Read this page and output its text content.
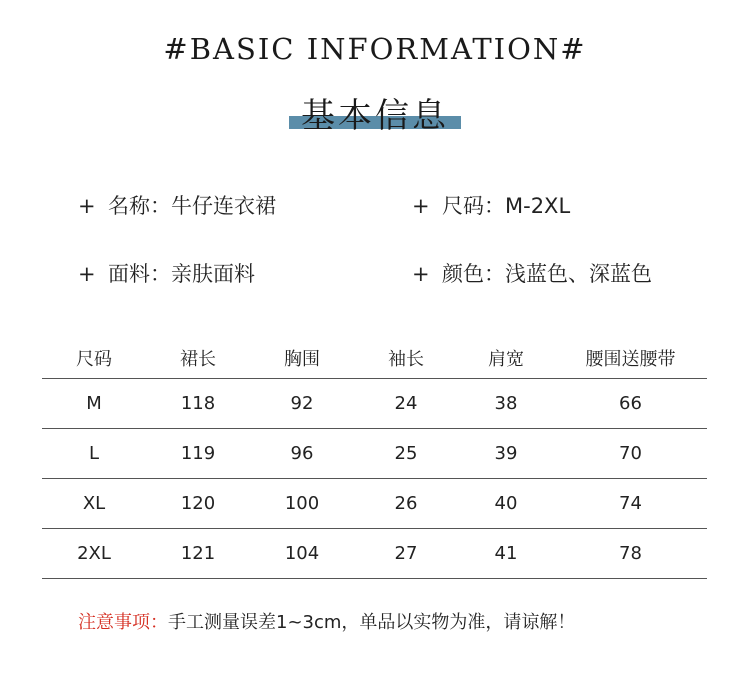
#BASIC INFORMATION#
基本信息
+ 名称：牛仔连衣裙	+ 尺码：M-2XL
+ 面料：亲肤面料	+ 颜色：浅蓝色、深蓝色
尺码	裙长	胸围	袖长	肩宽	腰围送腰带
M	118	92	24	38	66
L	119	96	25	39	70
XL	120	100	26	40	74
2XL	121	104	27	41	78
注意事项：手工测量误差1~3cm，单品以实物为准，请谅解！
